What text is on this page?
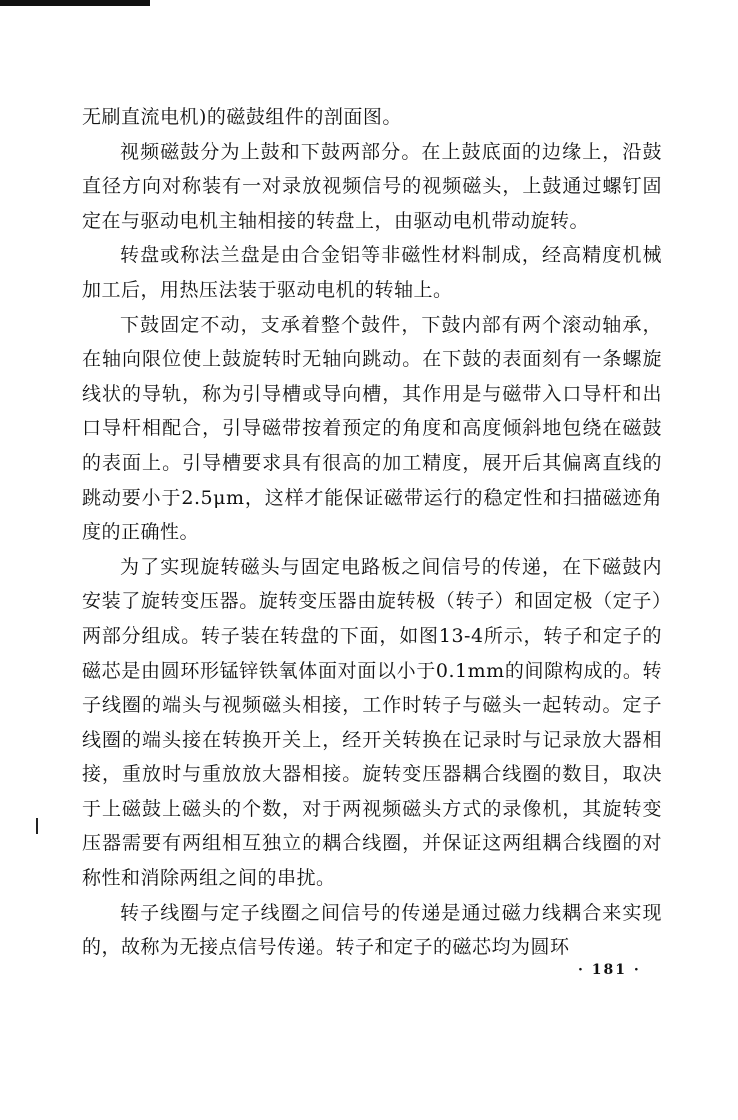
无刷直流电机)的磁鼓组件的剖面图。

视频磁鼓分为上鼓和下鼓两部分。在上鼓底面的边缘上，沿鼓直径方向对称装有一对录放视频信号的视频磁头，上鼓通过螺钉固定在与驱动电机主轴相接的转盘上，由驱动电机带动旋转。

转盘或称法兰盘是由合金铝等非磁性材料制成，经高精度机械加工后，用热压法装于驱动电机的转轴上。

下鼓固定不动，支承着整个鼓件，下鼓内部有两个滚动轴承，在轴向限位使上鼓旋转时无轴向跳动。在下鼓的表面刻有一条螺旋线状的导轨，称为引导槽或导向槽，其作用是与磁带入口导杆和出口导杆相配合，引导磁带按着预定的角度和高度倾斜地包绕在磁鼓的表面上。引导槽要求具有很高的加工精度，展开后其偏离直线的跳动要小于2.5μm，这样才能保证磁带运行的稳定性和扫描磁迹角度的正确性。

为了实现旋转磁头与固定电路板之间信号的传递，在下磁鼓内安装了旋转变压器。旋转变压器由旋转极（转子）和固定极（定子）两部分组成。转子装在转盘的下面，如图13-4所示，转子和定子的磁芯是由圆环形锰锌铁氧体面对面以小于0.1mm的间隙构成的。转子线圈的端头与视频磁头相接，工作时转子与磁头一起转动。定子线圈的端头接在转换开关上，经开关转换在记录时与记录放大器相接，重放时与重放放大器相接。旋转变压器耦合线圈的数目，取决于上磁鼓上磁头的个数，对于两视频磁头方式的录像机，其旋转变压器需要有两组相互独立的耦合线圈，并保证这两组耦合线圈的对称性和消除两组之间的串扰。

转子线圈与定子线圈之间信号的传递是通过磁力线耦合来实现的，故称为无接点信号传递。转子和定子的磁芯均为圆环

· 181 ·
